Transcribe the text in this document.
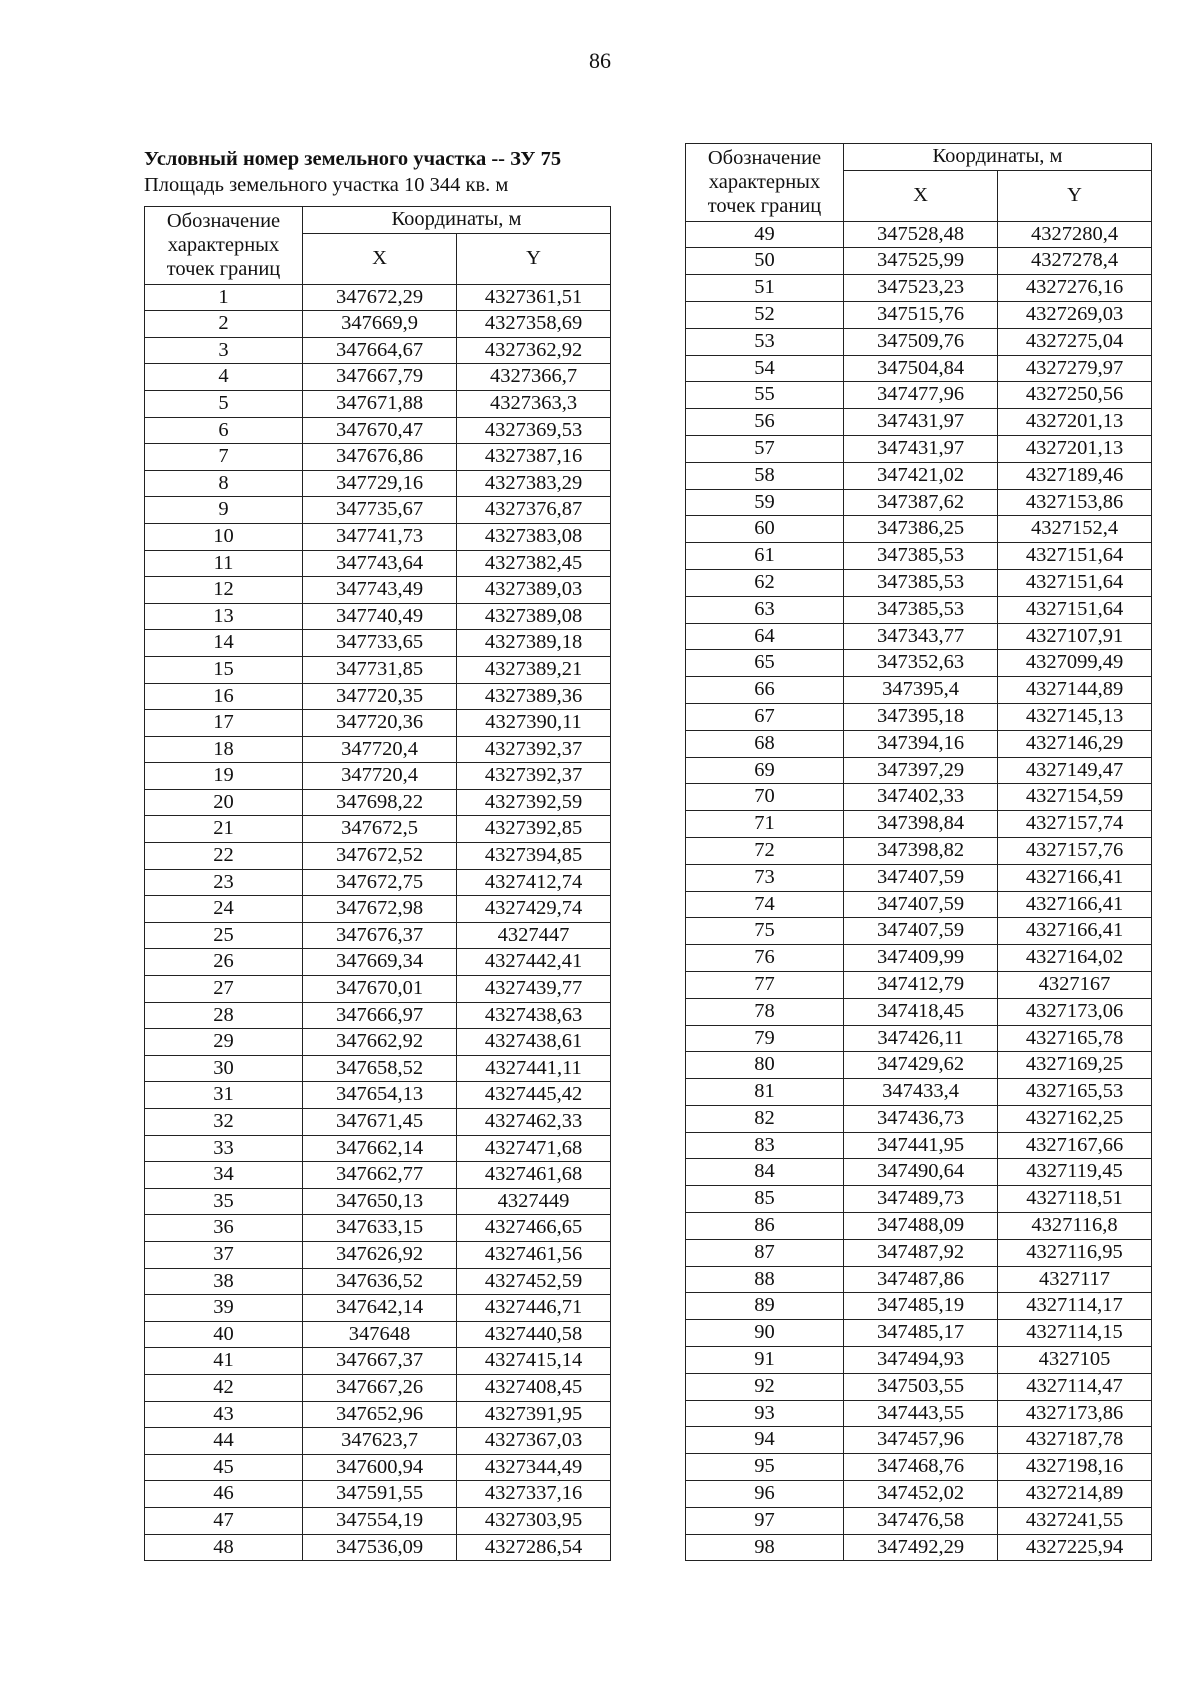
86
Условный номер земельного участка -- ЗУ 75
Площадь земельного участка 10 344 кв. м
Обозначение характерных точек границ	Координаты, м	
	X	Y
1	347672,29	4327361,51
2	347669,9	4327358,69
3	347664,67	4327362,92
4	347667,79	4327366,7
5	347671,88	4327363,3
6	347670,47	4327369,53
7	347676,86	4327387,16
8	347729,16	4327383,29
9	347735,67	4327376,87
10	347741,73	4327383,08
11	347743,64	4327382,45
12	347743,49	4327389,03
13	347740,49	4327389,08
14	347733,65	4327389,18
15	347731,85	4327389,21
16	347720,35	4327389,36
17	347720,36	4327390,11
18	347720,4	4327392,37
19	347720,4	4327392,37
20	347698,22	4327392,59
21	347672,5	4327392,85
22	347672,52	4327394,85
23	347672,75	4327412,74
24	347672,98	4327429,74
25	347676,37	4327447
26	347669,34	4327442,41
27	347670,01	4327439,77
28	347666,97	4327438,63
29	347662,92	4327438,61
30	347658,52	4327441,11
31	347654,13	4327445,42
32	347671,45	4327462,33
33	347662,14	4327471,68
34	347662,77	4327461,68
35	347650,13	4327449
36	347633,15	4327466,65
37	347626,92	4327461,56
38	347636,52	4327452,59
39	347642,14	4327446,71
40	347648	4327440,58
41	347667,37	4327415,14
42	347667,26	4327408,45
43	347652,96	4327391,95
44	347623,7	4327367,03
45	347600,94	4327344,49
46	347591,55	4327337,16
47	347554,19	4327303,95
48	347536,09	4327286,54
Обозначение характерных точек границ	Координаты, м	
	X	Y
49	347528,48	4327280,4
50	347525,99	4327278,4
51	347523,23	4327276,16
52	347515,76	4327269,03
53	347509,76	4327275,04
54	347504,84	4327279,97
55	347477,96	4327250,56
56	347431,97	4327201,13
57	347431,97	4327201,13
58	347421,02	4327189,46
59	347387,62	4327153,86
60	347386,25	4327152,4
61	347385,53	4327151,64
62	347385,53	4327151,64
63	347385,53	4327151,64
64	347343,77	4327107,91
65	347352,63	4327099,49
66	347395,4	4327144,89
67	347395,18	4327145,13
68	347394,16	4327146,29
69	347397,29	4327149,47
70	347402,33	4327154,59
71	347398,84	4327157,74
72	347398,82	4327157,76
73	347407,59	4327166,41
74	347407,59	4327166,41
75	347407,59	4327166,41
76	347409,99	4327164,02
77	347412,79	4327167
78	347418,45	4327173,06
79	347426,11	4327165,78
80	347429,62	4327169,25
81	347433,4	4327165,53
82	347436,73	4327162,25
83	347441,95	4327167,66
84	347490,64	4327119,45
85	347489,73	4327118,51
86	347488,09	4327116,8
87	347487,92	4327116,95
88	347487,86	4327117
89	347485,19	4327114,17
90	347485,17	4327114,15
91	347494,93	4327105
92	347503,55	4327114,47
93	347443,55	4327173,86
94	347457,96	4327187,78
95	347468,76	4327198,16
96	347452,02	4327214,89
97	347476,58	4327241,55
98	347492,29	4327225,94
